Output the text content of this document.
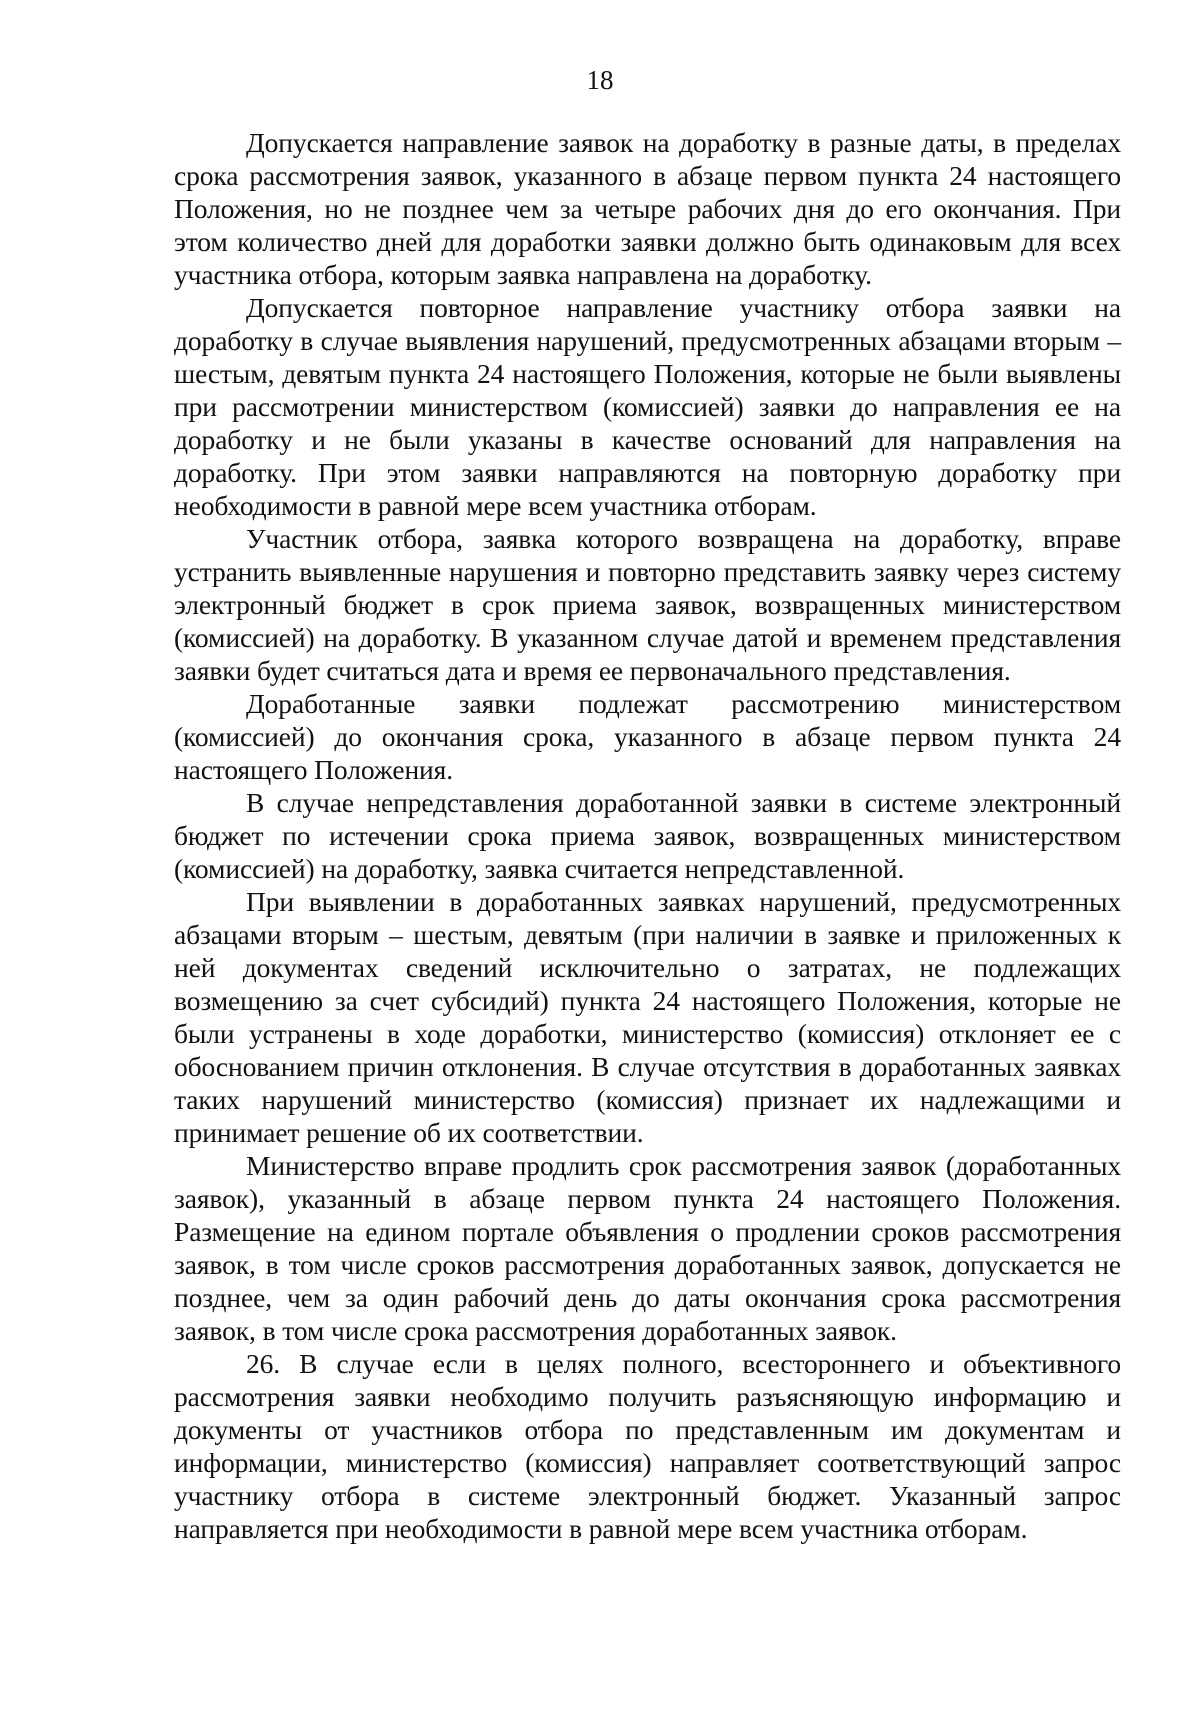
18

Допускается направление заявок на доработку в разные даты, в пределах срока рассмотрения заявок, указанного в абзаце первом пункта 24 настоящего Положения, но не позднее чем за четыре рабочих дня до его окончания. При этом количество дней для доработки заявки должно быть одинаковым для всех участника отбора, которым заявка направлена на доработку.

Допускается повторное направление участнику отбора заявки на доработку в случае выявления нарушений, предусмотренных абзацами вторым – шестым, девятым пункта 24 настоящего Положения, которые не были выявлены при рассмотрении министерством (комиссией) заявки до направления ее на доработку и не были указаны в качестве оснований для направления на доработку. При этом заявки направляются на повторную доработку при необходимости в равной мере всем участника отборам.

Участник отбора, заявка которого возвращена на доработку, вправе устранить выявленные нарушения и повторно представить заявку через систему электронный бюджет в срок приема заявок, возвращенных министерством (комиссией) на доработку. В указанном случае датой и временем представления заявки будет считаться дата и время ее первоначального представления.

Доработанные заявки подлежат рассмотрению министерством (комиссией) до окончания срока, указанного в абзаце первом пункта 24 настоящего Положения.

В случае непредставления доработанной заявки в системе электронный бюджет по истечении срока приема заявок, возвращенных министерством (комиссией) на доработку, заявка считается непредставленной.

При выявлении в доработанных заявках нарушений, предусмотренных абзацами вторым – шестым, девятым (при наличии в заявке и приложенных к ней документах сведений исключительно о затратах, не подлежащих возмещению за счет субсидий) пункта 24 настоящего Положения, которые не были устранены в ходе доработки, министерство (комиссия) отклоняет ее с обоснованием причин отклонения. В случае отсутствия в доработанных заявках таких нарушений министерство (комиссия) признает их надлежащими и принимает решение об их соответствии.

Министерство вправе продлить срок рассмотрения заявок (доработанных заявок), указанный в абзаце первом пункта 24 настоящего Положения. Размещение на едином портале объявления о продлении сроков рассмотрения заявок, в том числе сроков рассмотрения доработанных заявок, допускается не позднее, чем за один рабочий день до даты окончания срока рассмотрения заявок, в том числе срока рассмотрения доработанных заявок.

26. В случае если в целях полного, всестороннего и объективного рассмотрения заявки необходимо получить разъясняющую информацию и документы от участников отбора по представленным им документам и информации, министерство (комиссия) направляет соответствующий запрос участнику отбора в системе электронный бюджет. Указанный запрос направляется при необходимости в равной мере всем участника отборам.
